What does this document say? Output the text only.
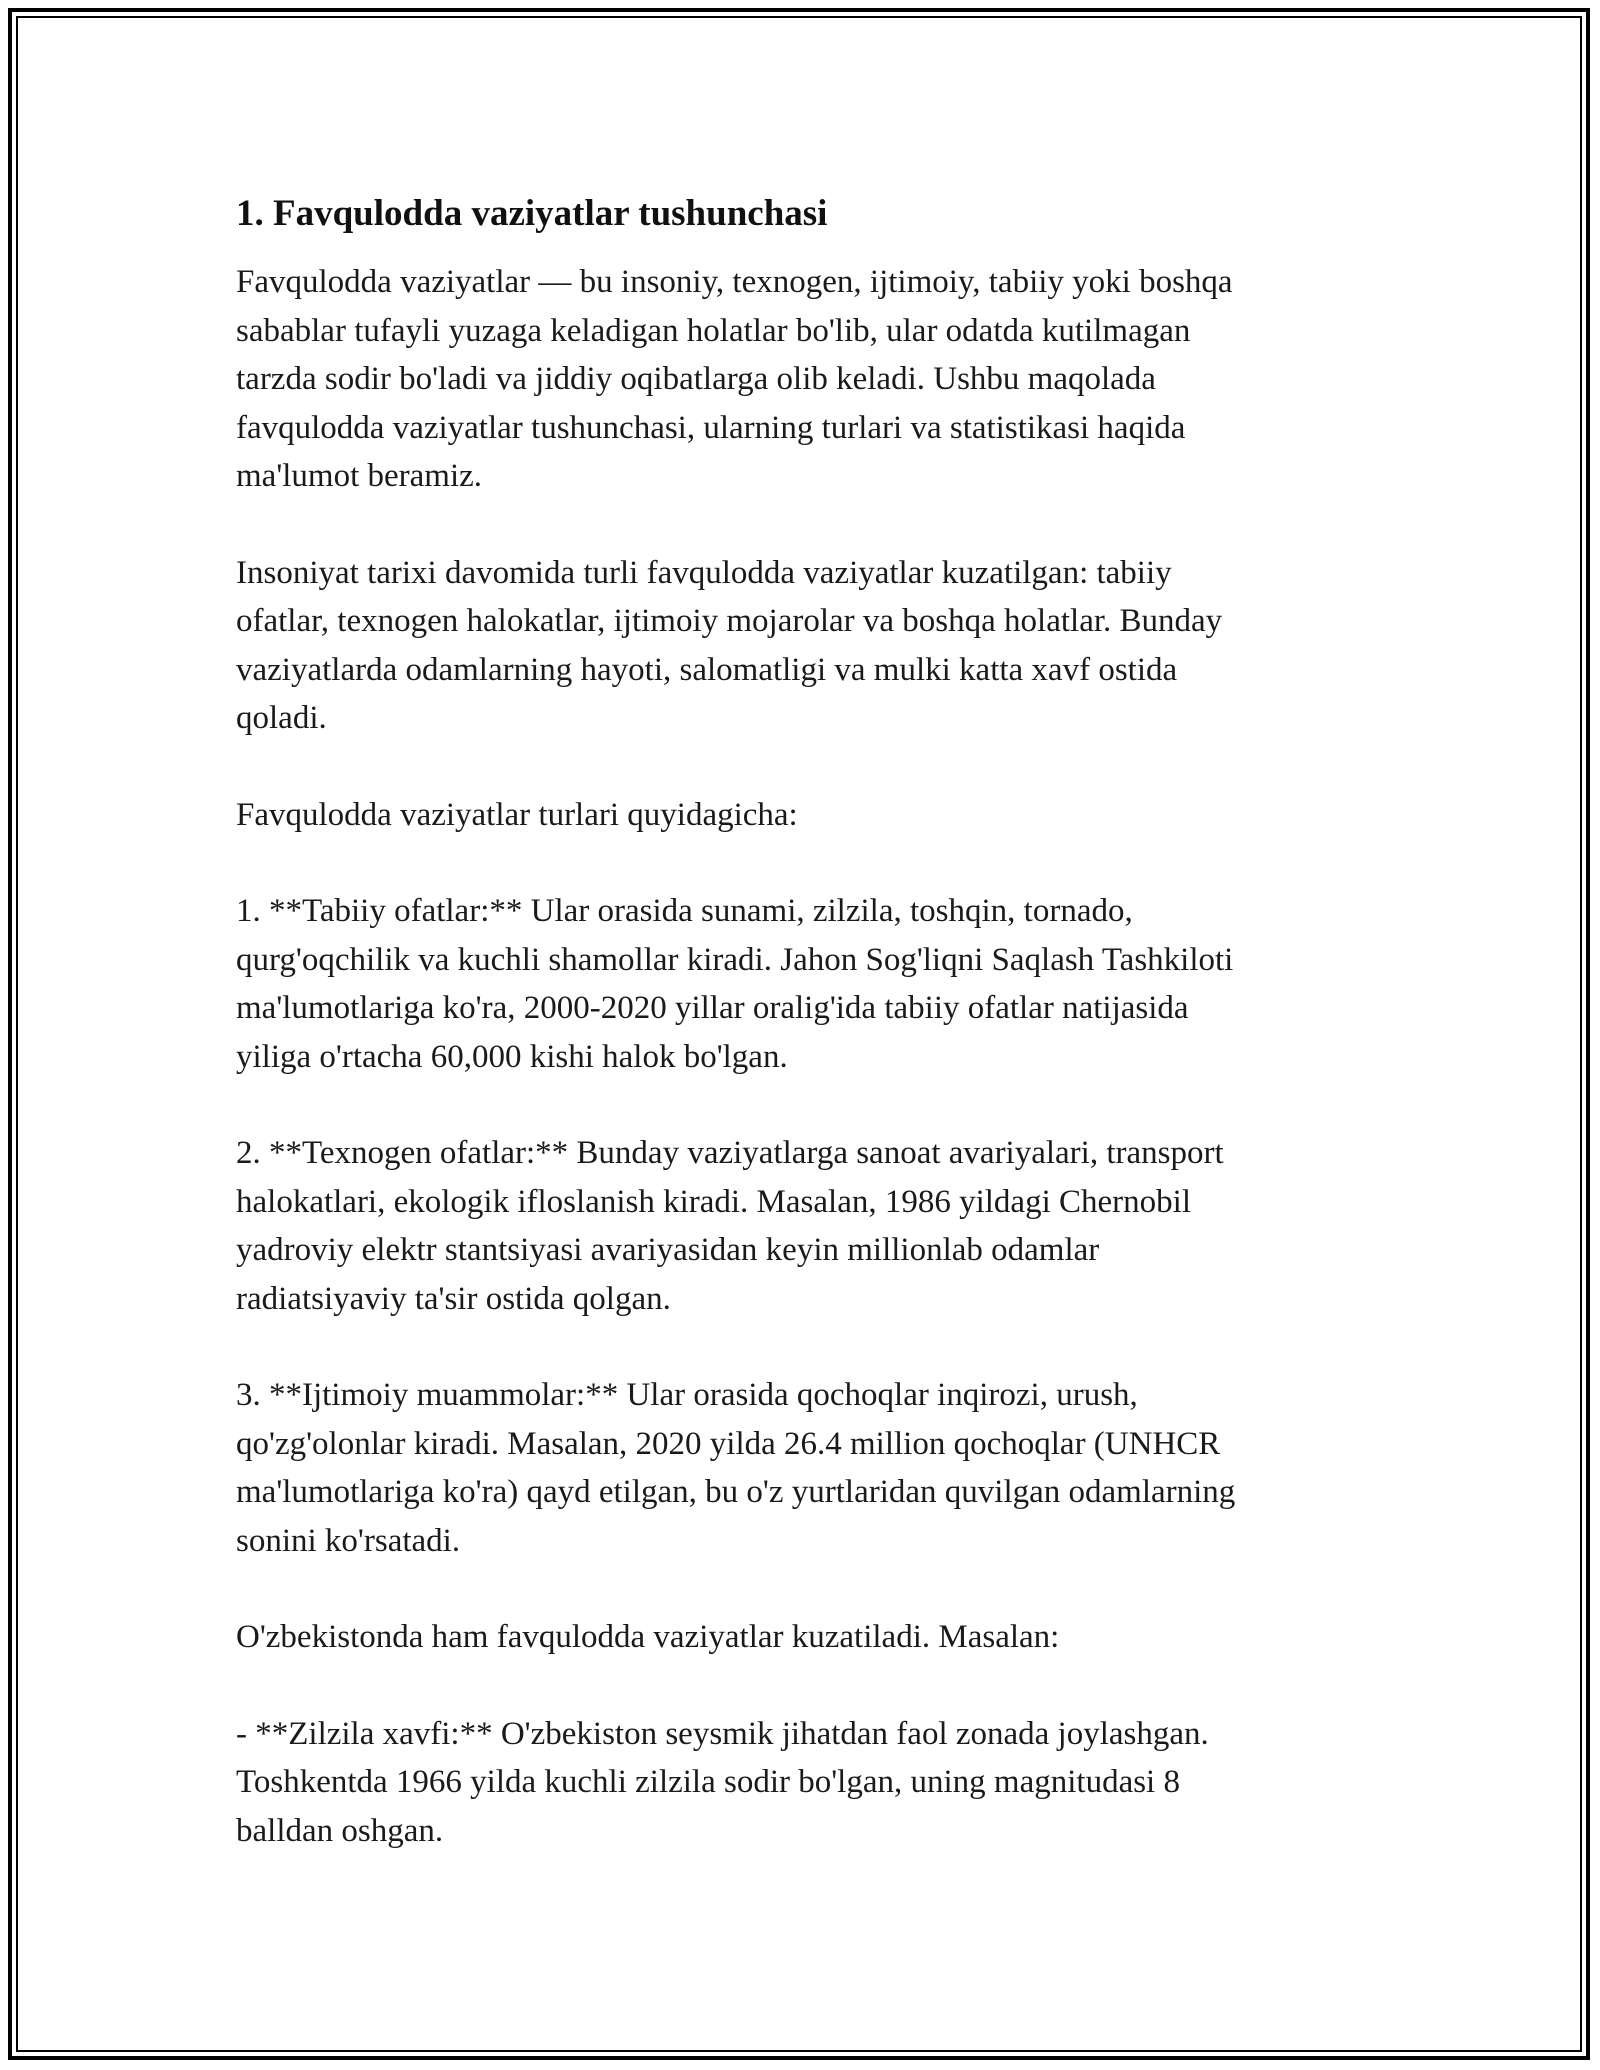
1. Favqulodda vaziyatlar tushunchasi

Favqulodda vaziyatlar — bu insoniy, texnogen, ijtimoiy, tabiiy yoki boshqa
sabablar tufayli yuzaga keladigan holatlar bo'lib, ular odatda kutilmagan
tarzda sodir bo'ladi va jiddiy oqibatlarga olib keladi. Ushbu maqolada
favqulodda vaziyatlar tushunchasi, ularning turlari va statistikasi haqida
ma'lumot beramiz.

Insoniyat tarixi davomida turli favqulodda vaziyatlar kuzatilgan: tabiiy
ofatlar, texnogen halokatlar, ijtimoiy mojarolar va boshqa holatlar. Bunday
vaziyatlarda odamlarning hayoti, salomatligi va mulki katta xavf ostida
qoladi.

Favqulodda vaziyatlar turlari quyidagicha:

1. **Tabiiy ofatlar:** Ular orasida sunami, zilzila, toshqin, tornado,
qurg'oqchilik va kuchli shamollar kiradi. Jahon Sog'liqni Saqlash Tashkiloti
ma'lumotlariga ko'ra, 2000-2020 yillar oralig'ida tabiiy ofatlar natijasida
yiliga o'rtacha 60,000 kishi halok bo'lgan.

2. **Texnogen ofatlar:** Bunday vaziyatlarga sanoat avariyalari, transport
halokatlari, ekologik ifloslanish kiradi. Masalan, 1986 yildagi Chernobil
yadroviy elektr stantsiyasi avariyasidan keyin millionlab odamlar
radiatsiyaviy ta'sir ostida qolgan.

3. **Ijtimoiy muammolar:** Ular orasida qochoqlar inqirozi, urush,
qo'zg'olonlar kiradi. Masalan, 2020 yilda 26.4 million qochoqlar (UNHCR
ma'lumotlariga ko'ra) qayd etilgan, bu o'z yurtlaridan quvilgan odamlarning
sonini ko'rsatadi.

O'zbekistonda ham favqulodda vaziyatlar kuzatiladi. Masalan:

- **Zilzila xavfi:** O'zbekiston seysmik jihatdan faol zonada joylashgan.
Toshkentda 1966 yilda kuchli zilzila sodir bo'lgan, uning magnitudasi 8
balldan oshgan.
